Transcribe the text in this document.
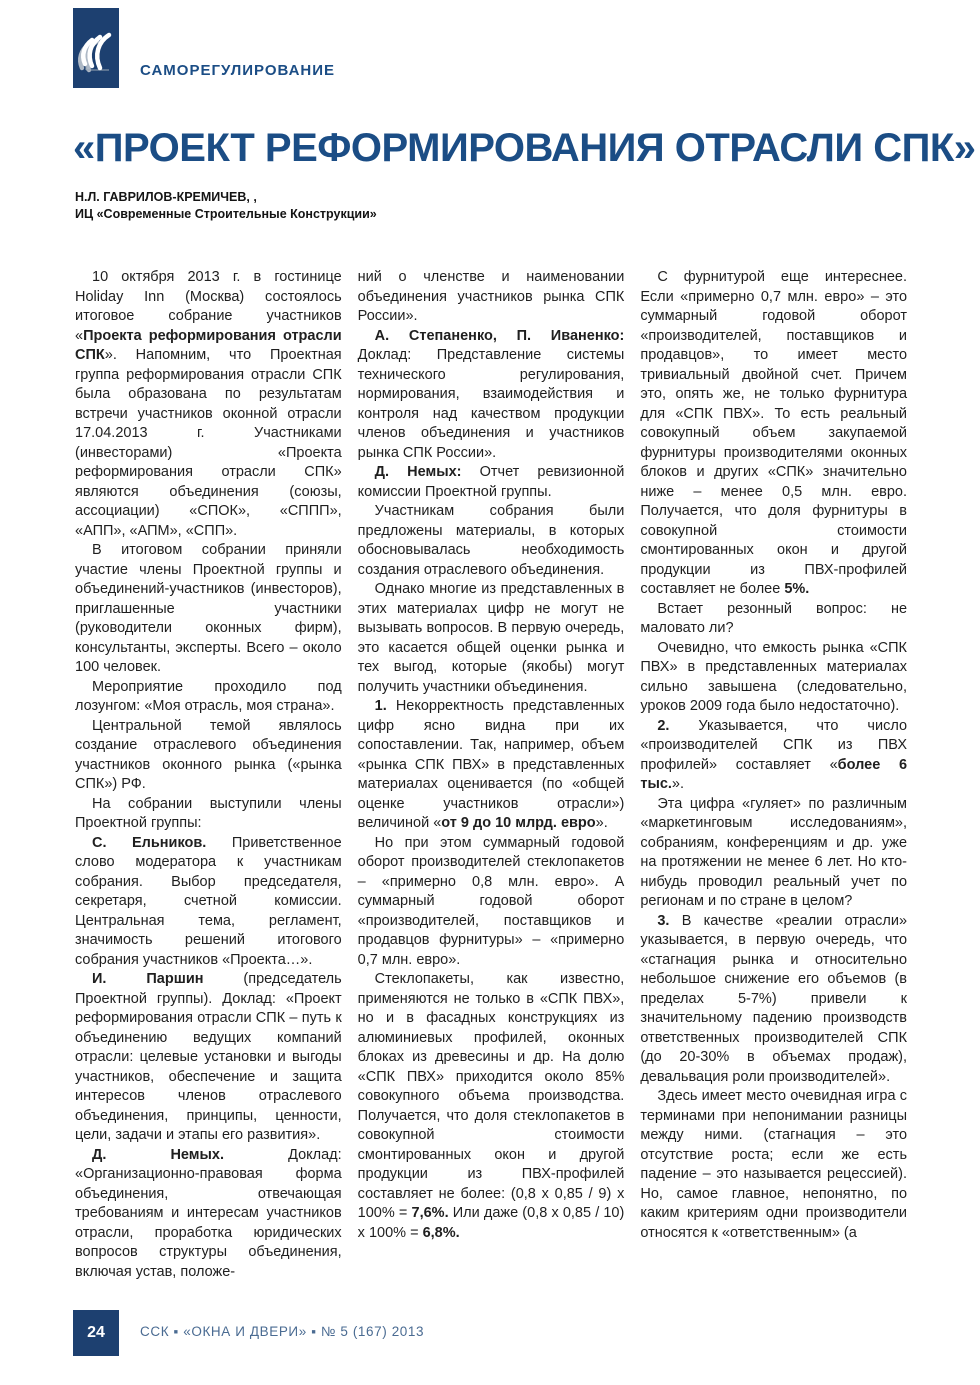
САМОРЕГУЛИРОВАНИЕ
«ПРОЕКТ РЕФОРМИРОВАНИЯ ОТРАСЛИ СПК»
Н.Л. ГАВРИЛОВ-КРЕМИЧЕВ, ,
ИЦ «Современные Строительные Конструкции»

10 октября 2013 г. в гостинице Holiday Inn (Москва) состоялось итоговое собрание участников «Проекта реформирования отрасли СПК». Напомним, что Проектная группа реформирования отрасли СПК была образована по результатам встречи участников оконной отрасли 17.04.2013 г. Участниками (инвесторами) «Проекта реформирования отрасли СПК» являются объединения (союзы, ассоциации) «СПОК», «СППП», «АПП», «АПМ», «СПП».

В итоговом собрании приняли участие члены Проектной группы и объединений-участников (инвесторов), приглашенные участники (руководители оконных фирм), консультанты, эксперты. Всего – около 100 человек.

Мероприятие проходило под лозунгом: «Моя отрасль, моя страна».

Центральной темой являлось создание отраслевого объединения участников оконного рынка («рынка СПК») РФ.

На собрании выступили члены Проектной группы:

С. Ельников. Приветственное слово модератора к участникам собрания. Выбор председателя, секретаря, счетной комиссии. Центральная тема, регламент, значимость решений итогового собрания участников «Проекта…».

И. Паршин (председатель Проектной группы). Доклад: «Проект реформирования отрасли СПК – путь к объединению ведущих компаний отрасли: целевые установки и выгоды участников, обеспечение и защита интересов членов отраслевого объединения, принципы, ценности, цели, задачи и этапы его развития».

Д. Немых. Доклад: «Организационно-правовая форма объединения, отвечающая требованиям и интересам участников отрасли, проработка юридических вопросов структуры объединения, включая устав, положе-

ний о членстве и наименовании объединения участников рынка СПК России».

А. Степаненко, П. Иваненко: Доклад: Представление системы технического регулирования, нормирования, взаимодействия и контроля над качеством продукции членов объединения и участников рынка СПК России».

Д. Немых: Отчет ревизионной комиссии Проектной группы.

Участникам собрания были предложены материалы, в которых обосновывалась необходимость создания отраслевого объединения.

Однако многие из представленных в этих материалах цифр не могут не вызывать вопросов. В первую очередь, это касается общей оценки рынка и тех выгод, которые (якобы) могут получить участники объединения.

1. Некорректность представленных цифр ясно видна при их сопоставлении. Так, например, объем «рынка СПК ПВХ» в представленных материалах оценивается (по «общей оценке участников отрасли») величиной «от 9 до 10 млрд. евро».

Но при этом суммарный годовой оборот производителей стеклопакетов – «примерно 0,8 млн. евро». А суммарный годовой оборот «производителей, поставщиков и продавцов фурнитуры» – «примерно 0,7 млн. евро».

Стеклопакеты, как известно, применяются не только в «СПК ПВХ», но и в фасадных конструкциях из алюминиевых профилей, оконных блоках из древесины и др. На долю «СПК ПВХ» приходится около 85% совокупного объема производства. Получается, что доля стеклопакетов в совокупной стоимости смонтированных окон и другой продукции из ПВХ-профилей составляет не более: (0,8 х 0,85 / 9) х 100% = 7,6%. Или даже (0,8 х 0,85 / 10) х 100% = 6,8%.

С фурнитурой еще интереснее. Если «примерно 0,7 млн. евро» – это суммарный годовой оборот «производителей, поставщиков и продавцов», то имеет место тривиальный двойной счет. Причем это, опять же, не только фурнитура для «СПК ПВХ». То есть реальный совокупный объем закупаемой фурнитуры производителями оконных блоков и других «СПК» значительно ниже – менее 0,5 млн. евро. Получается, что доля фурнитуры в совокупной стоимости смонтированных окон и другой продукции из ПВХ-профилей составляет не более 5%.

Встает резонный вопрос: не маловато ли?

Очевидно, что емкость рынка «СПК ПВХ» в представленных материалах сильно завышена (следовательно, уроков 2009 года было недостаточно).

2. Указывается, что число «производителей СПК из ПВХ профилей» составляет «более 6 тыс.».

Эта цифра «гуляет» по различным «маркетинговым исследованиям», собраниям, конференциям и др. уже на протяжении не менее 6 лет. Но кто-нибудь проводил реальный учет по регионам и по стране в целом?

3. В качестве «реалии отрасли» указывается, в первую очередь, что «стагнация рынка и относительно небольшое снижение его объемов (в пределах 5-7%) привели к значительному падению производств ответственных производителей СПК (до 20-30% в объемах продаж), девальвация роли производителей».

Здесь имеет место очевидная игра с терминами при непонимании разницы между ними. (стагнация – это отсутствие роста; если же есть падение – это называется рецессией). Но, самое главное, непонятно, по каким критериям одни производители относятся к «ответственным» (а

24	ССК ▪ «ОКНА И ДВЕРИ» ▪ № 5 (167) 2013
